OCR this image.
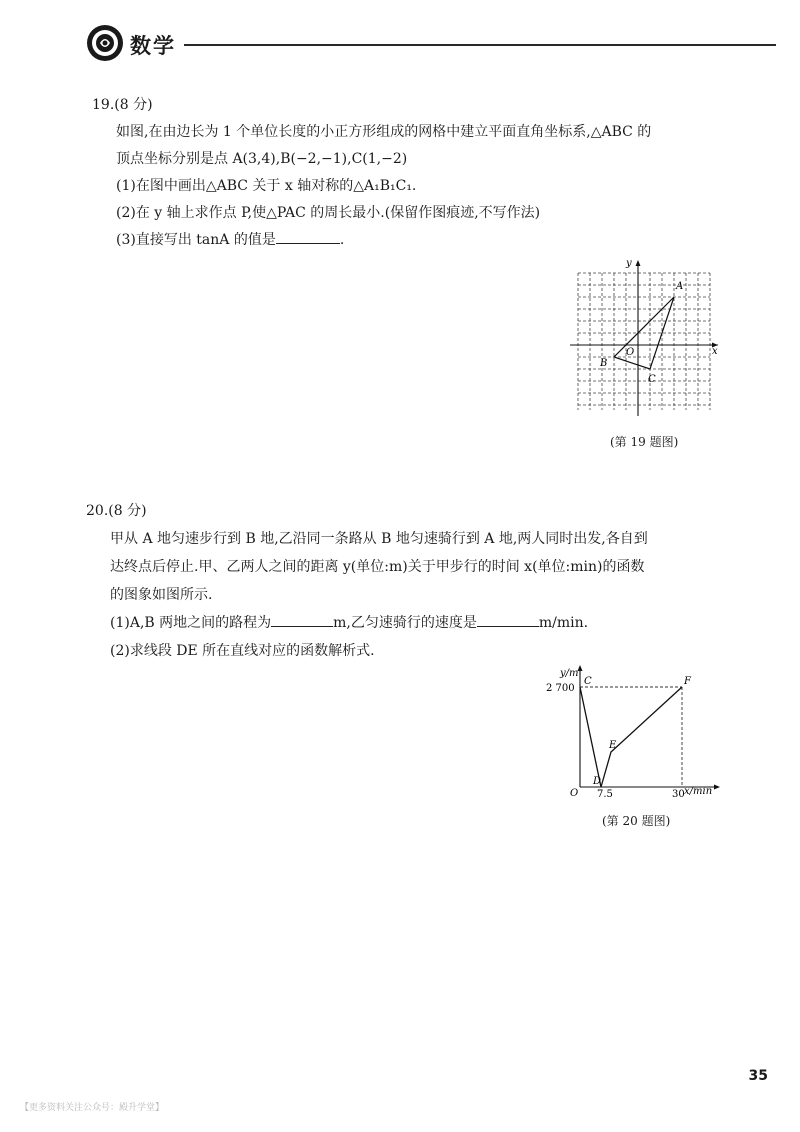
数学
19.(8 分)
如图,在由边长为 1 个单位长度的小正方形组成的网格中建立平面直角坐标系,△ABC 的
顶点坐标分别是点 A(3,4),B(−2,−1),C(1,−2)
(1)在图中画出△ABC 关于 x 轴对称的△A₁B₁C₁.
(2)在 y 轴上求作点 P,使△PAC 的周长最小.(保留作图痕迹,不写作法)
(3)直接写出 tanA 的值是	.
x
y
O
A
B
C
(第 19 题图)
20.(8 分)
甲从 A 地匀速步行到 B 地,乙沿同一条路从 B 地匀速骑行到 A 地,两人同时出发,各自到
达终点后停止.甲、乙两人之间的距离 y(单位:m)关于甲步行的时间 x(单位:min)的函数
的图象如图所示.
(1)A,B 两地之间的路程为	m,乙匀速骑行的速度是	m/min.
(2)求线段 DE 所在直线对应的函数解析式.
y/m
2 700
C	F
E
D
O 7.5	30 x/min
(第 20 题图)
35
【更多资料关注公众号：殿升学堂】
